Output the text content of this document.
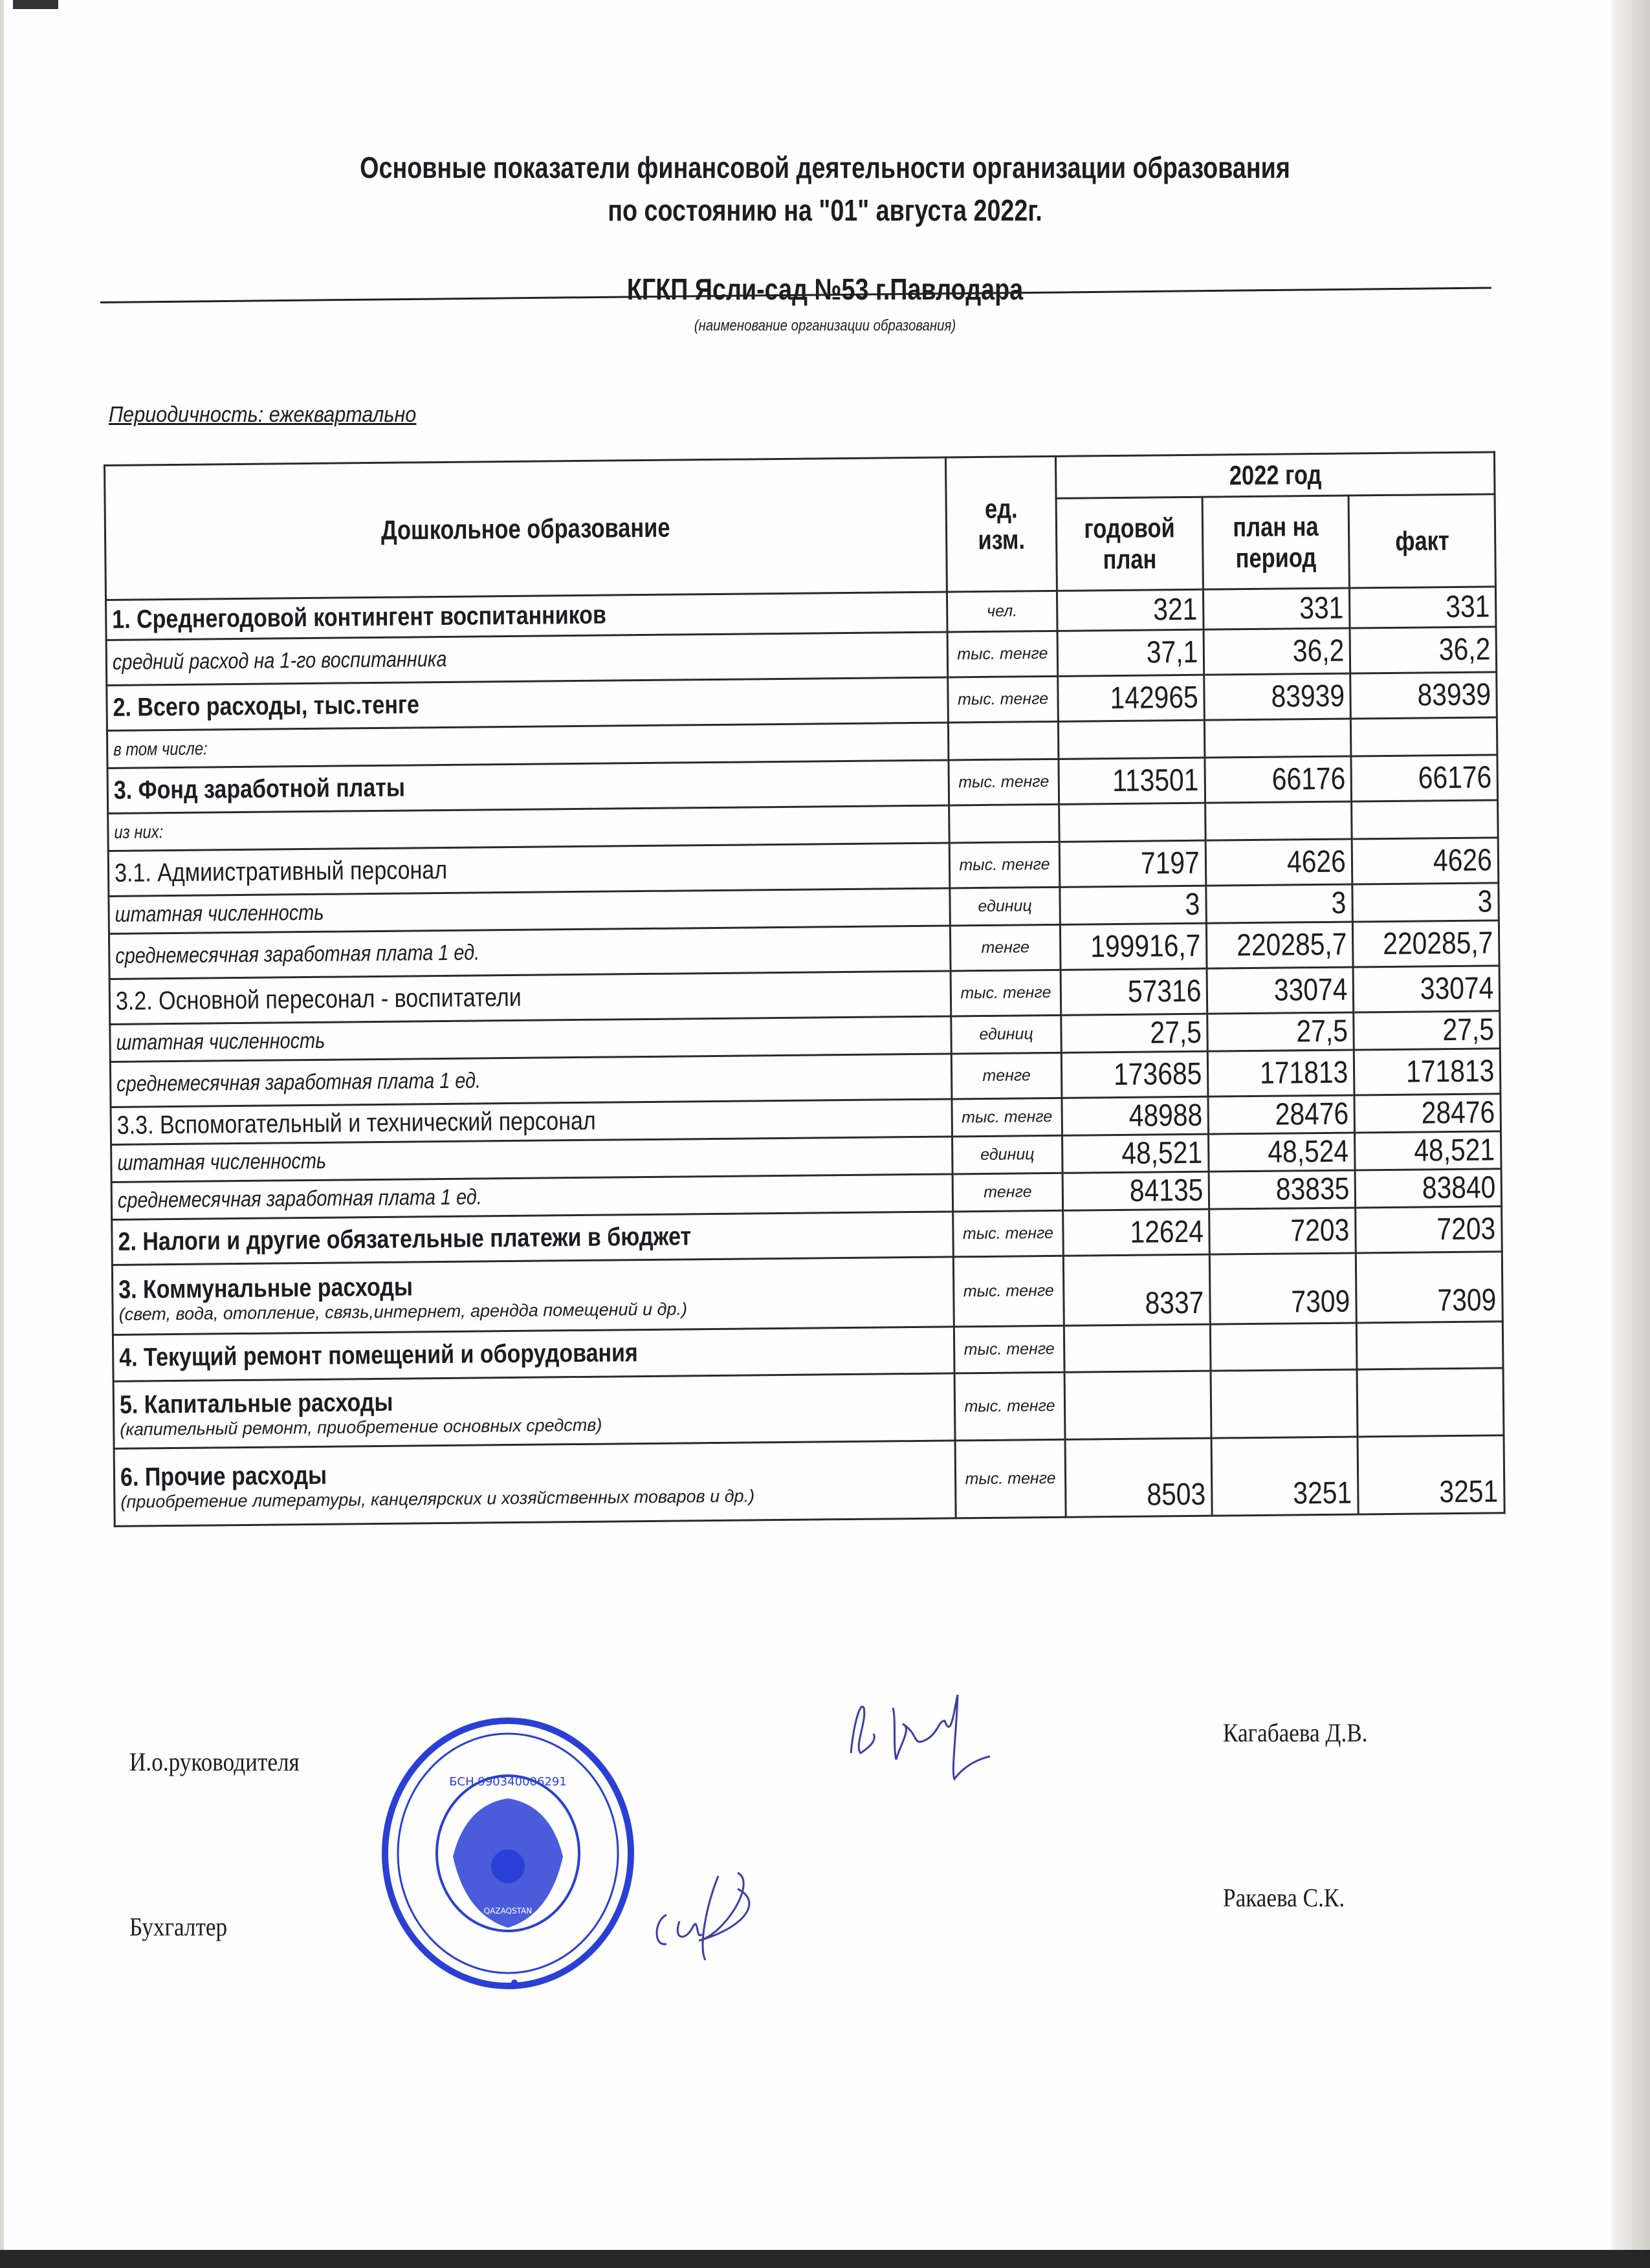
Основные показатели финансовой деятельности организации образования
по состоянию на "01" августа 2022г.
КГКП Ясли-сад №53 г.Павлодара
(наименование организации образования)
Периодичность: ежеквартально
Дошкольное образование	ед. изм.	2022 год		
		годовой план	план на период	факт
1. Среднегодовой контингент воспитанников	чел.	321	331	331
средний расход на 1-го воспитанника	тыс. тенге	37,1	36,2	36,2
2. Всего расходы, тыс.тенге	тыс. тенге	142965	83939	83939
в том числе:				
3. Фонд заработной платы	тыс. тенге	113501	66176	66176
из них:				
3.1. Адмиистративный персонал	тыс. тенге	7197	4626	4626
штатная численность	единиц	3	3	3
среднемесячная заработная плата 1 ед.	тенге	199916,7	220285,7	220285,7
3.2. Основной пересонал - воспитатели	тыс. тенге	57316	33074	33074
штатная численность	единиц	27,5	27,5	27,5
среднемесячная заработная плата 1 ед.	тенге	173685	171813	171813
3.3. Вспомогательный и технический персонал	тыс. тенге	48988	28476	28476
штатная численность	единиц	48,521	48,524	48,521
среднемесячная заработная плата 1 ед.	тенге	84135	83835	83840
2. Налоги и другие обязательные платежи в бюджет	тыс. тенге	12624	7203	7203
3. Коммунальные расходы
(свет, вода, отопление, связь,интернет, арендда помещений и др.)	тыс. тенге	8337	7309	7309
4. Текущий ремонт помещений и оборудования	тыс. тенге			
5. Капитальные расходы
(капительный ремонт, приобретение основных средств)	тыс. тенге			
6. Прочие расходы
(приобретение литературы, канцелярских и хозяйственных товаров и др.)	тыс. тенге	8503	3251	3251
И.о.руководителя
Кагабаева Д.В.
Бухгалтер
Ракаева С.К.
БСН 990340006291
QAZAQSTAN
